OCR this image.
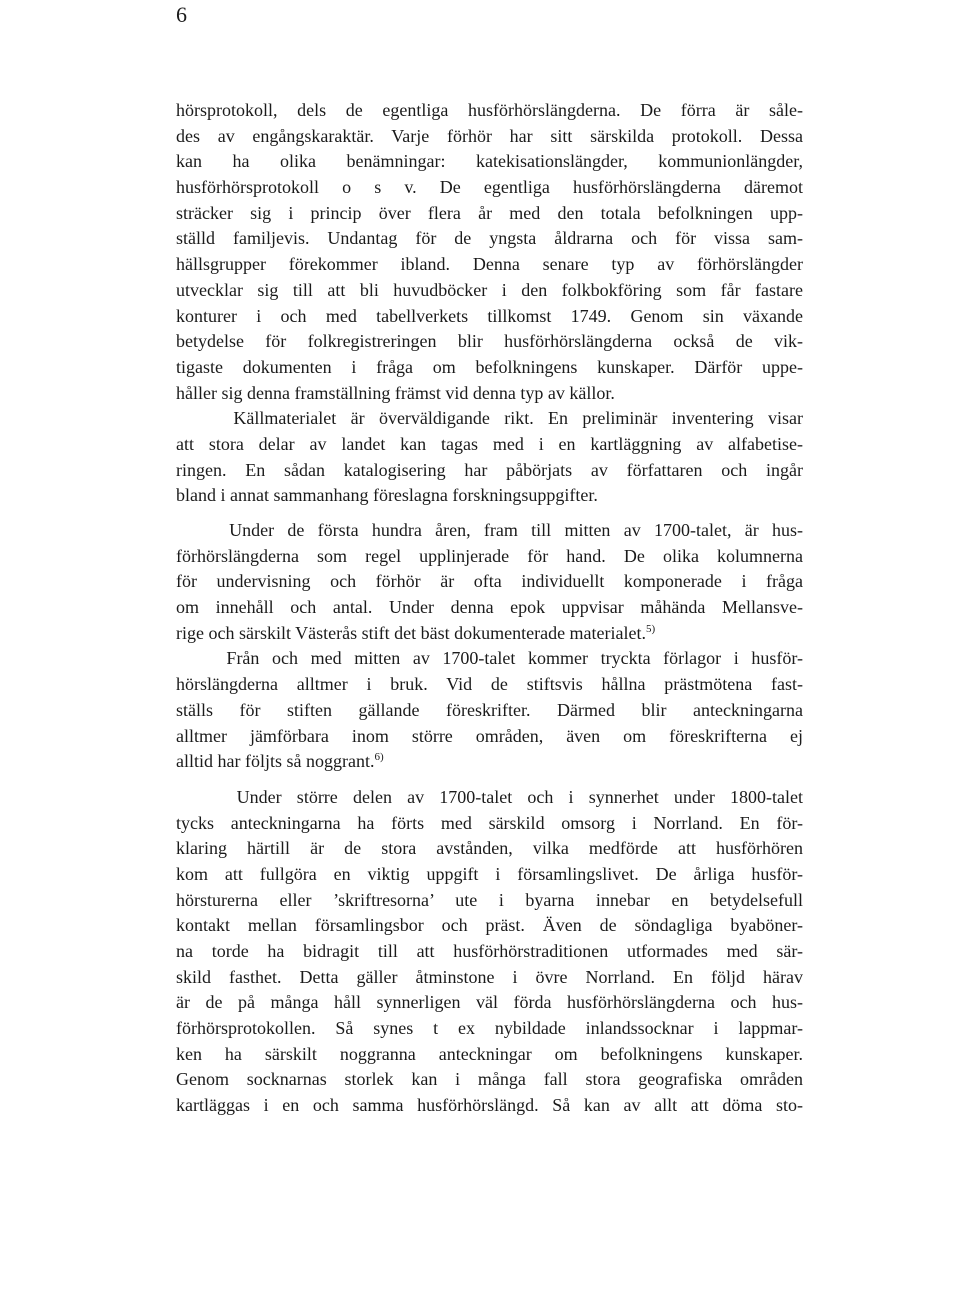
6
hörsprotokoll, dels de egentliga husförhörslängderna. De förra är såle-
des av engångskaraktär. Varje förhör har sitt särskilda protokoll. Dessa
kan ha olika benämningar: katekisationslängder, kommunionlängder,
husförhörsprotokoll o s v. De egentliga husförhörslängderna däremot
sträcker sig i princip över flera år med den totala befolkningen upp-
ställd familjevis. Undantag för de yngsta åldrarna och för vissa sam-
hällsgrupper förekommer ibland. Denna senare typ av förhörslängder
utvecklar sig till att bli huvudböcker i den folkbokföring som får fastare
konturer i och med tabellverkets tillkomst 1749. Genom sin växande
betydelse för folkregistreringen blir husförhörslängderna också de vik-
tigaste dokumenten i fråga om befolkningens kunskaper. Därför uppe-
håller sig denna framställning främst vid denna typ av källor.
Källmaterialet är överväldigande rikt. En preliminär inventering visar
att stora delar av landet kan tagas med i en kartläggning av alfabetise-
ringen. En sådan katalogisering har påbörjats av författaren och ingår
bland i annat sammanhang föreslagna forskningsuppgifter.
Under de första hundra åren, fram till mitten av 1700-talet, är hus-
förhörslängderna som regel upplinjerade för hand. De olika kolumnerna
för undervisning och förhör är ofta individuellt komponerade i fråga
om innehåll och antal. Under denna epok uppvisar måhända Mellansve-
rige och särskilt Västerås stift det bäst dokumenterade materialet.$^{5)}$
Från och med mitten av 1700-talet kommer tryckta förlagor i husför-
hörslängderna alltmer i bruk. Vid de stiftsvis hållna prästmötena fast-
ställs för stiften gällande föreskrifter. Därmed blir anteckningarna
alltmer jämförbara inom större områden, även om föreskrifterna ej
alltid har följts så noggrant.$^{6)}$
Under större delen av 1700-talet och i synnerhet under 1800-talet
tycks anteckningarna ha förts med särskild omsorg i Norrland. En för-
klaring härtill är de stora avstånden, vilka medförde att husförhören
kom att fullgöra en viktig uppgift i församlingslivet. De årliga husför-
hörsturerna eller ’skriftresorna’ ute i byarna innebar en betydelsefull
kontakt mellan församlingsbor och präst. Även de söndagliga byaböner-
na torde ha bidragit till att husförhörstraditionen utformades med sär-
skild fasthet. Detta gäller åtminstone i övre Norrland. En följd härav
är de på många håll synnerligen väl förda husförhörslängderna och hus-
förhörsprotokollen. Så synes t ex nybildade inlandssocknar i lappmar-
ken ha särskilt noggranna anteckningar om befolkningens kunskaper.
Genom socknarnas storlek kan i många fall stora geografiska områden
kartläggas i en och samma husförhörslängd. Så kan av allt att döma sto-
